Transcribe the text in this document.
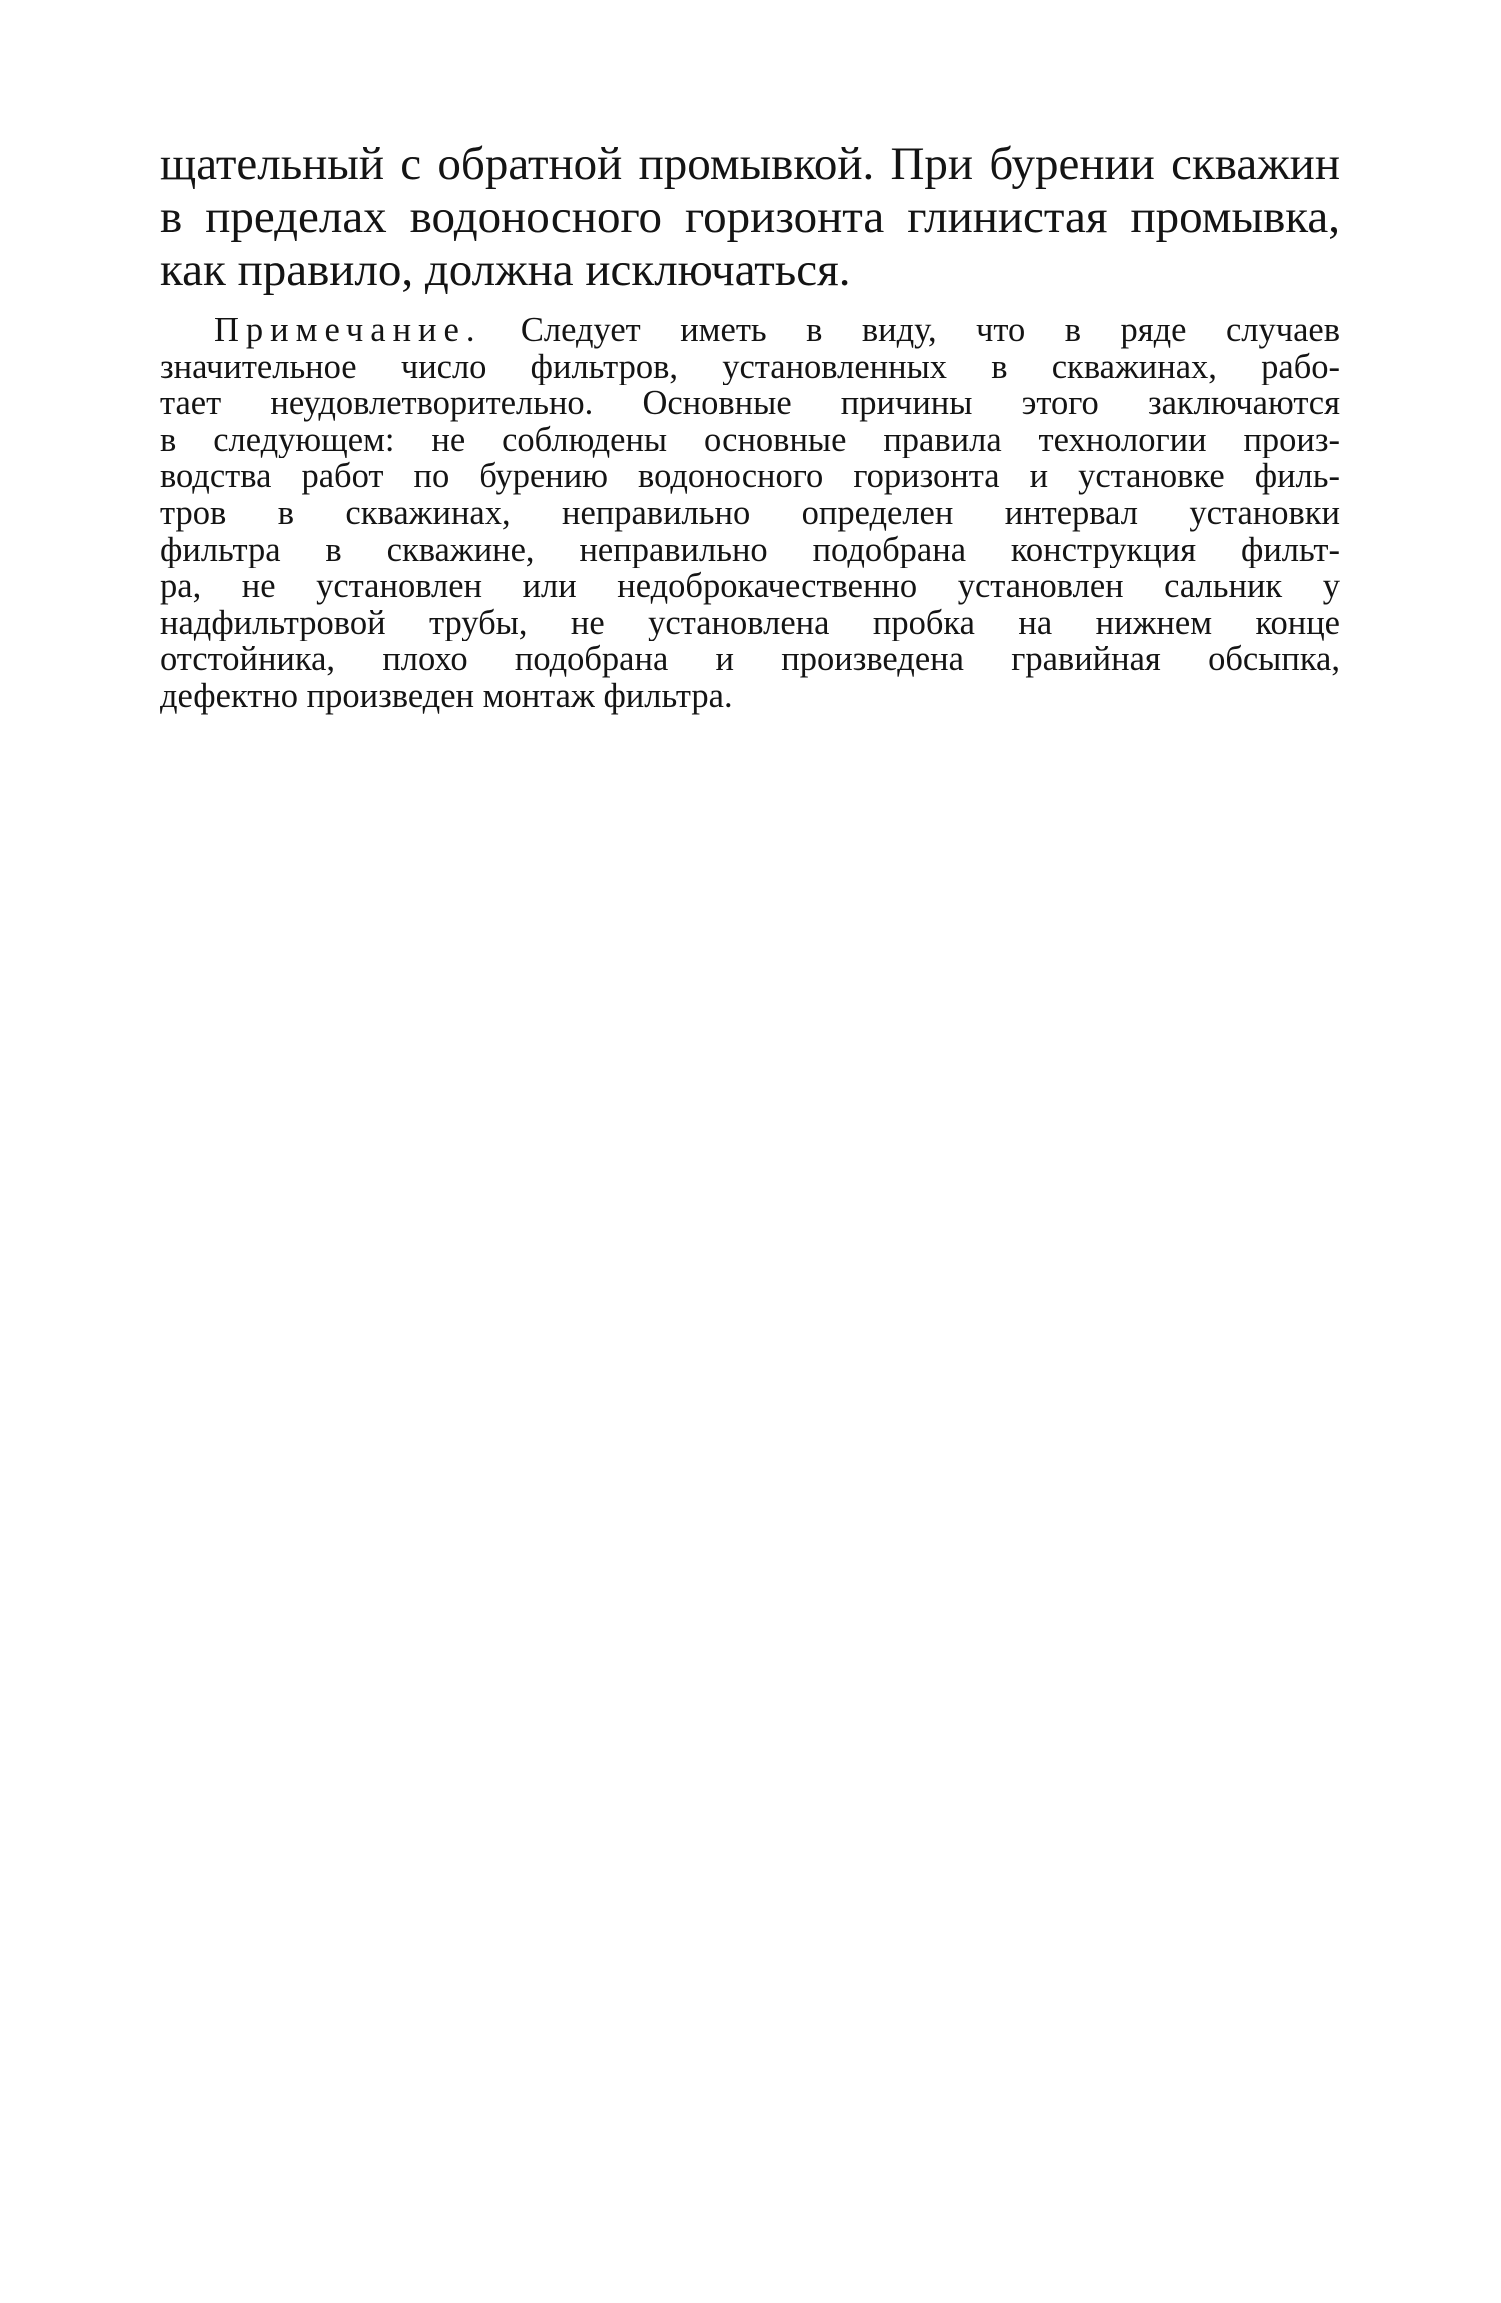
щательный с обратной промывкой. При бурении скважин
в пределах водоносного горизонта глинистая промывка,
как правило, должна исключаться.
Примечание. Следует иметь в виду, что в ряде случаев
значительное число фильтров, установленных в скважинах, рабо-
тает неудовлетворительно. Основные причины этого заключаются
в следующем: не соблюдены основные правила технологии произ-
водства работ по бурению водоносного горизонта и установке филь-
тров в скважинах, неправильно определен интервал установки
фильтра в скважине, неправильно подобрана конструкция фильт-
ра, не установлен или недоброкачественно установлен сальник у
надфильтровой трубы, не установлена пробка на нижнем конце
отстойника, плохо подобрана и произведена гравийная обсыпка,
дефектно произведен монтаж фильтра.
